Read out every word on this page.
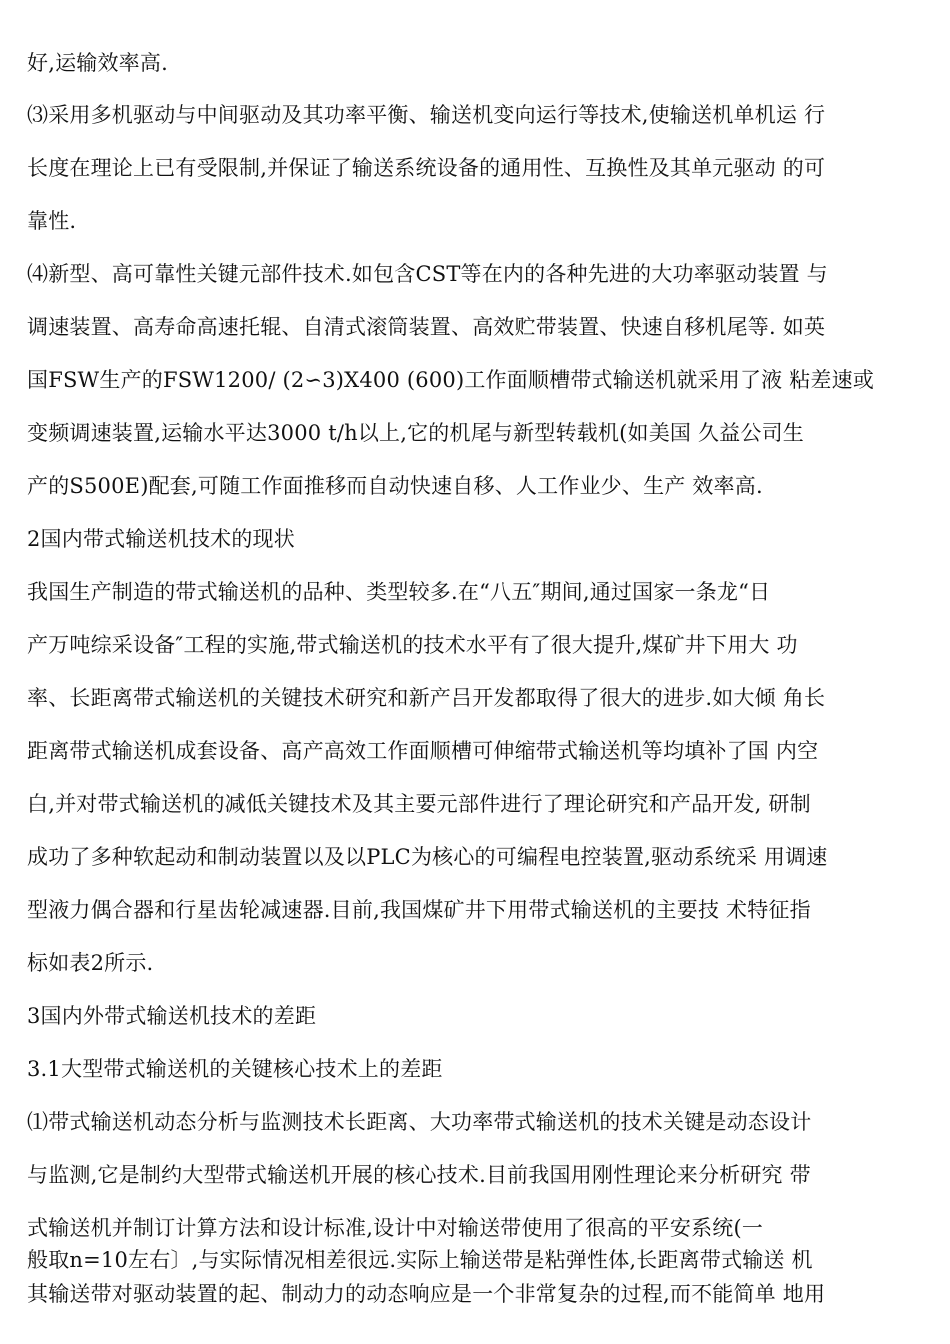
好,运输效率高.
⑶采用多机驱动与中间驱动及其功率平衡、输送机变向运行等技术,使输送机单机运 行
长度在理论上已有受限制,并保证了输送系统设备的通用性、互换性及其单元驱动 的可
靠性.
⑷新型、高可靠性关键元部件技术.如包含CST等在内的各种先进的大功率驱动装置 与
调速装置、高寿命高速托辊、自清式滚筒装置、高效贮带装置、快速自移机尾等. 如英
国FSW生产的FSW1200/ (2∽3)X400 (600)工作面顺槽带式输送机就采用了液 粘差速或
变频调速装置,运输水平达3000 t/h以上,它的机尾与新型转载机(如美国 久益公司生
产的S500E)配套,可随工作面推移而自动快速自移、人工作业少、生产 效率高.
2国内带式输送机技术的现状
我国生产制造的带式输送机的品种、类型较多.在“八五″期间,通过国家一条龙“日
产万吨综采设备″工程的实施,带式输送机的技术水平有了很大提升,煤矿井下用大 功
率、长距离带式输送机的关键技术研究和新产吕开发都取得了很大的进步.如大倾 角长
距离带式输送机成套设备、高产高效工作面顺槽可伸缩带式输送机等均填补了国 内空
白,并对带式输送机的减低关键技术及其主要元部件进行了理论研究和产品开发, 研制
成功了多种软起动和制动装置以及以PLC为核心的可编程电控装置,驱动系统采 用调速
型液力偶合器和行星齿轮减速器.目前,我国煤矿井下用带式输送机的主要技 术特征指
标如表2所示.
3国内外带式输送机技术的差距
3.1大型带式输送机的关键核心技术上的差距
⑴带式输送机动态分析与监测技术长距离、大功率带式输送机的技术关键是动态设计
与监测,它是制约大型带式输送机开展的核心技术.目前我国用刚性理论来分析研究 带
式输送机并制订计算方法和设计标准,设计中对输送带使用了很高的平安系统(一
般取n=10左右〕,与实际情况相差很远.实际上输送带是粘弹性体,长距离带式输送 机
其输送带对驱动装置的起、制动力的动态响应是一个非常复杂的过程,而不能简单 地用
